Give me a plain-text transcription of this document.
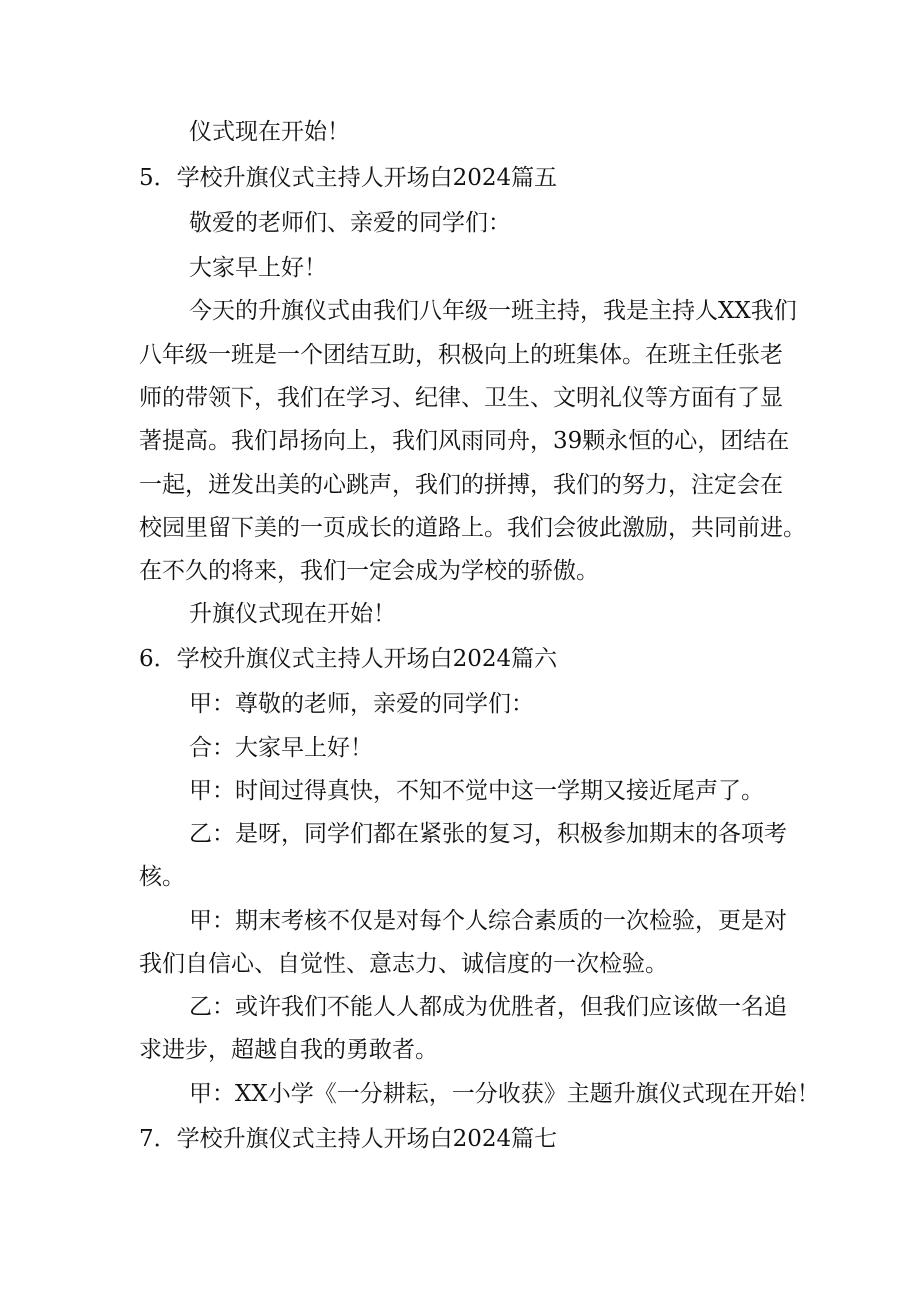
仪式现在开始！
5．学校升旗仪式主持人开场白2024篇五
敬爱的老师们、亲爱的同学们：
大家早上好！
今天的升旗仪式由我们八年级一班主持，我是主持人XX我们
八年级一班是一个团结互助，积极向上的班集体。在班主任张老
师的带领下，我们在学习、纪律、卫生、文明礼仪等方面有了显
著提高。我们昂扬向上，我们风雨同舟，39颗永恒的心，团结在
一起，迸发出美的心跳声，我们的拼搏，我们的努力，注定会在
校园里留下美的一页成长的道路上。我们会彼此激励，共同前进。
在不久的将来，我们一定会成为学校的骄傲。
升旗仪式现在开始！
6．学校升旗仪式主持人开场白2024篇六
甲：尊敬的老师，亲爱的同学们：
合：大家早上好！
甲：时间过得真快，不知不觉中这一学期又接近尾声了。
乙：是呀，同学们都在紧张的复习，积极参加期末的各项考
核。
甲：期末考核不仅是对每个人综合素质的一次检验，更是对
我们自信心、自觉性、意志力、诚信度的一次检验。
乙：或许我们不能人人都成为优胜者，但我们应该做一名追
求进步，超越自我的勇敢者。
甲：XX小学《一分耕耘，一分收获》主题升旗仪式现在开始！
7．学校升旗仪式主持人开场白2024篇七
